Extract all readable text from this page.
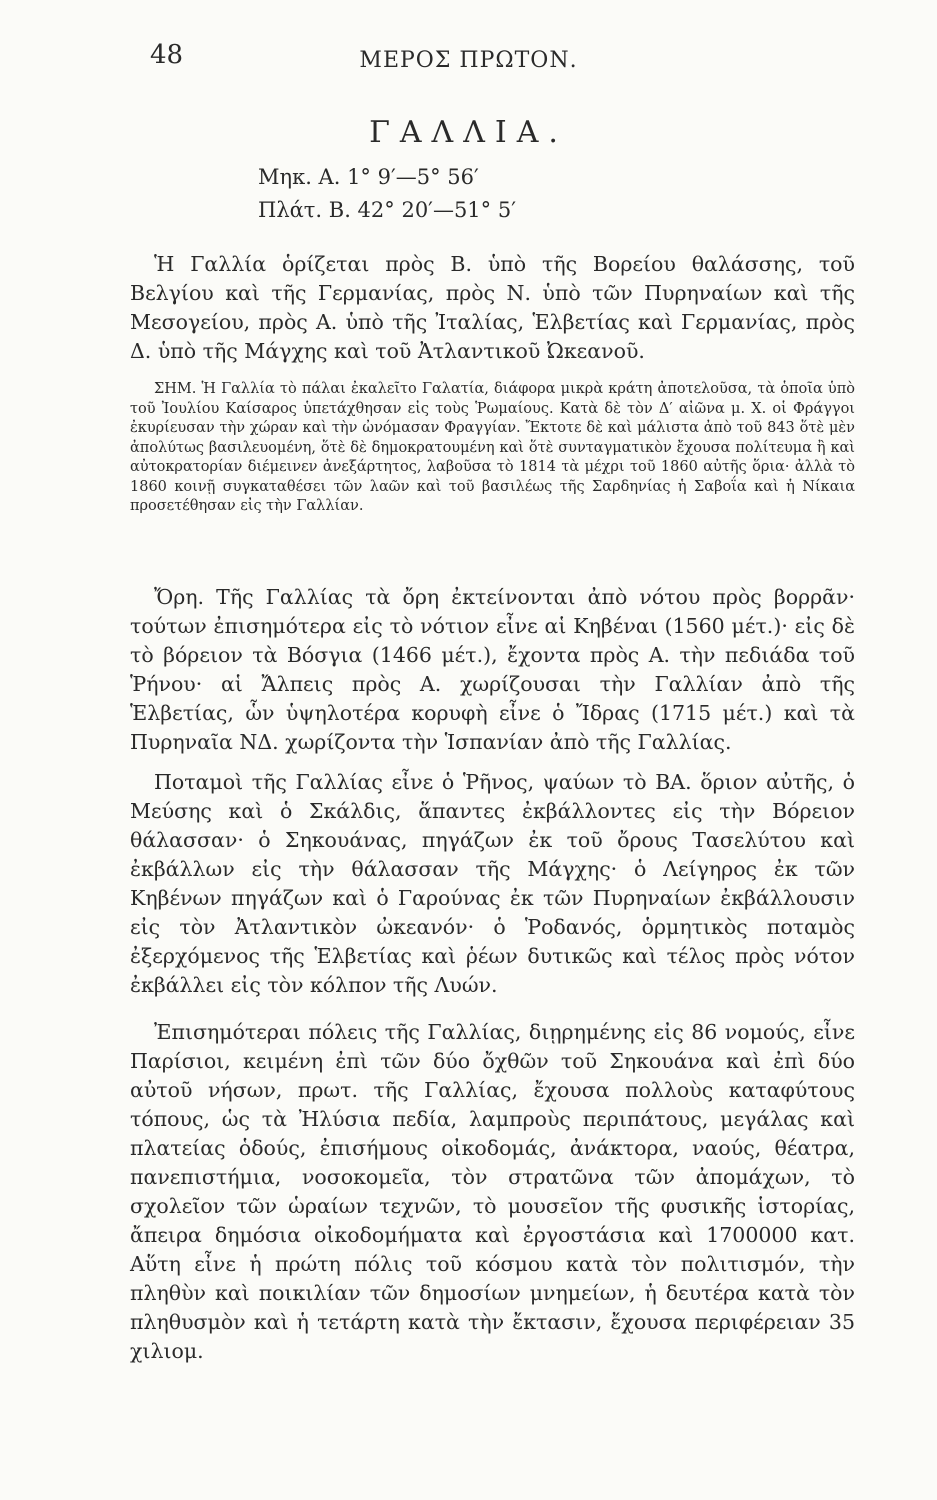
48	ΜΕΡΟΣ ΠΡΩΤΟΝ.
ΓΑΛΛΙΑ.
Μηκ. Α. 1° 9′—5° 56′
Πλάτ. Β. 42° 20′—51° 5′

Ἡ Γαλλία ὁρίζεται πρὸς Β. ὑπὸ τῆς Βορείου θαλάσσης, τοῦ Βελγίου καὶ τῆς Γερμανίας, πρὸς Ν. ὑπὸ τῶν Πυρηναίων καὶ τῆς Μεσογείου, πρὸς Α. ὑπὸ τῆς Ἰταλίας, Ἑλβετίας καὶ Γερμανίας, πρὸς Δ. ὑπὸ τῆς Μάγχης καὶ τοῦ Ἀτλαντικοῦ Ὠκεανοῦ.

ΣΗΜ. Ἡ Γαλλία τὸ πάλαι ἐκαλεῖτο Γαλατία, διάφορα μικρὰ κράτη ἀποτελοῦσα, τὰ ὁποῖα ὑπὸ τοῦ Ἰουλίου Καίσαρος ὑπετάχθησαν εἰς τοὺς Ῥωμαίους. Κατὰ δὲ τὸν Δ′ αἰῶνα μ. Χ. οἱ Φράγγοι ἐκυρίευσαν τὴν χώραν καὶ τὴν ὠνόμασαν Φραγγίαν. Ἔκτοτε δὲ καὶ μάλιστα ἀπὸ τοῦ 843 ὅτὲ μὲν ἀπολύτως βασιλευομένη, ὅτὲ δὲ δημοκρατουμένη καὶ ὅτὲ συνταγματικὸν ἔχουσα πολίτευμα ἢ καὶ αὐτοκρατορίαν διέμεινεν ἀνεξάρτητος, λαβοῦσα τὸ 1814 τὰ μέχρι τοῦ 1860 αὐτῆς ὅρια· ἀλλὰ τὸ 1860 κοινῇ συγκαταθέσει τῶν λαῶν καὶ τοῦ βασιλέως τῆς Σαρδηνίας ἡ Σαβοΐα καὶ ἡ Νίκαια προσετέθησαν εἰς τὴν Γαλλίαν.

Ὄρη. Τῆς Γαλλίας τὰ ὄρη ἐκτείνονται ἀπὸ νότου πρὸς βορρᾶν· τούτων ἐπισημότερα εἰς τὸ νότιον εἶνε αἱ Κηβέναι (1560 μέτ.)· εἰς δὲ τὸ βόρειον τὰ Βόσγια (1466 μέτ.), ἔχοντα πρὸς Α. τὴν πεδιάδα τοῦ Ῥήνου· αἱ Ἄλπεις πρὸς Α. χωρίζουσαι τὴν Γαλλίαν ἀπὸ τῆς Ἑλβετίας, ὧν ὑψηλοτέρα κορυφὴ εἶνε ὁ Ἴδρας (1715 μέτ.) καὶ τὰ Πυρηναῖα ΝΔ. χωρίζοντα τὴν Ἱσπανίαν ἀπὸ τῆς Γαλλίας.

Ποταμοὶ τῆς Γαλλίας εἶνε ὁ Ῥῆνος, ψαύων τὸ ΒΑ. ὅριον αὐτῆς, ὁ Μεύσης καὶ ὁ Σκάλδις, ἅπαντες ἐκβάλλοντες εἰς τὴν Βόρειον θάλασσαν· ὁ Σηκουάνας, πηγάζων ἐκ τοῦ ὄρους Τασελύτου καὶ ἐκβάλλων εἰς τὴν θάλασσαν τῆς Μάγχης· ὁ Λείγηρος ἐκ τῶν Κηβένων πηγάζων καὶ ὁ Γαρούνας ἐκ τῶν Πυρηναίων ἐκβάλλουσιν εἰς τὸν Ἀτλαντικὸν ὠκεανόν· ὁ Ῥοδανός, ὁρμητικὸς ποταμὸς ἐξερχόμενος τῆς Ἑλβετίας καὶ ῥέων δυτικῶς καὶ τέλος πρὸς νότον ἐκβάλλει εἰς τὸν κόλπον τῆς Λυών.

Ἐπισημότεραι πόλεις τῆς Γαλλίας, διῃρημένης εἰς 86 νομούς, εἶνε Παρίσιοι, κειμένη ἐπὶ τῶν δύο ὄχθῶν τοῦ Σηκουάνα καὶ ἐπὶ δύο αὐτοῦ νήσων, πρωτ. τῆς Γαλλίας, ἔχουσα πολλοὺς καταφύτους τόπους, ὡς τὰ Ἠλύσια πεδία, λαμπροὺς περιπάτους, μεγάλας καὶ πλατείας ὁδούς, ἐπισήμους οἰκοδομάς, ἀνάκτορα, ναούς, θέατρα, πανεπιστήμια, νοσοκομεῖα, τὸν στρατῶνα τῶν ἀπομάχων, τὸ σχολεῖον τῶν ὡραίων τεχνῶν, τὸ μουσεῖον τῆς φυσικῆς ἱστορίας, ἄπειρα δημόσια οἰκοδομήματα καὶ ἐργοστάσια καὶ 1700000 κατ. Αὕτη εἶνε ἡ πρώτη πόλις τοῦ κόσμου κατὰ τὸν πολιτισμόν, τὴν πληθὺν καὶ ποικιλίαν τῶν δημοσίων μνημείων, ἡ δευτέρα κατὰ τὸν πληθυσμὸν καὶ ἡ τετάρτη κατὰ τὴν ἔκτασιν, ἔχουσα περιφέρειαν 35 χιλιομ.
